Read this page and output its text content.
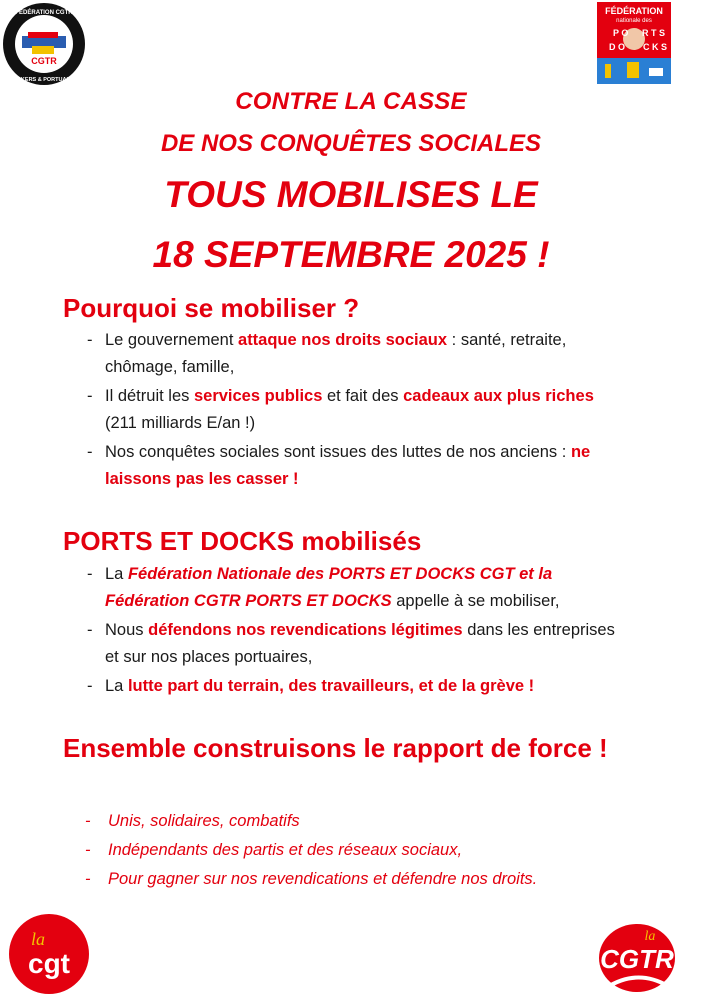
CGTR
FÉDÉRATION CGTR
DOCKERS & PORTUAIRES
FÉDÉRATION
nationale des
P O R T S
D O C K S
CONTRE LA CASSE
DE NOS CONQUÊTES SOCIALES
TOUS MOBILISES LE
18 SEPTEMBRE 2025 !
Pourquoi se mobiliser ?
- Le gouvernement attaque nos droits sociaux : santé, retraite, chômage, famille,
- Il détruit les services publics et fait des cadeaux aux plus riches (211 milliards E/an !)
- Nos conquêtes sociales sont issues des luttes de nos anciens : ne laissons pas les casser !
PORTS ET DOCKS mobilisés
- La Fédération Nationale des PORTS ET DOCKS CGT et la Fédération CGTR PORTS ET DOCKS appelle à se mobiliser,
- Nous défendons nos revendications légitimes dans les entreprises et sur nos places portuaires,
- La lutte part du terrain, des travailleurs, et de la grève !
Ensemble construisons le rapport de force !
- Unis, solidaires, combatifs
- Indépendants des partis et des réseaux sociaux,
- Pour gagner sur nos revendications et défendre nos droits.
la
cgt
la
CGTR
